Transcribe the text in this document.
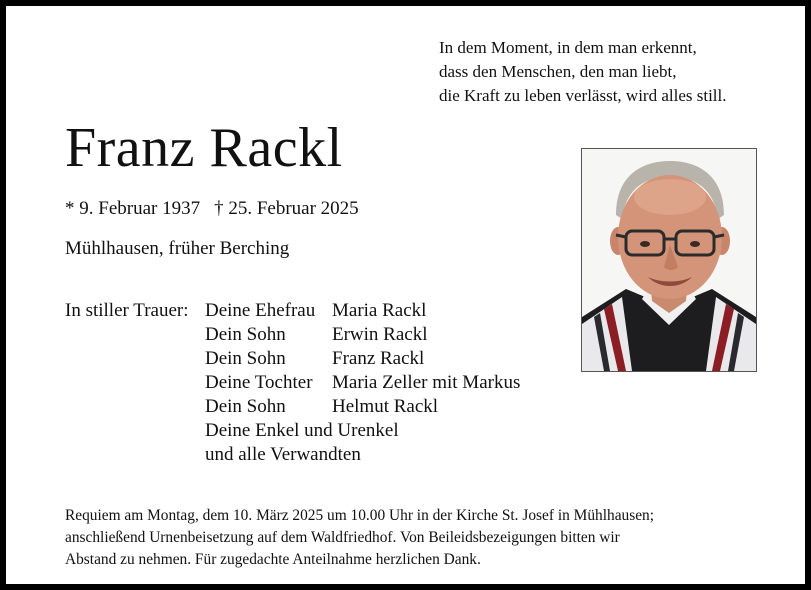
In dem Moment, in dem man erkennt,
dass den Menschen, den man liebt,
die Kraft zu leben verlässt, wird alles still.
Franz Rackl
* 9. Februar 1937 † 25. Februar 2025
Mühlhausen, früher Berching
In stiller Trauer: Deine Ehefrau Maria Rackl
Dein Sohn Erwin Rackl
Dein Sohn Franz Rackl
Deine Tochter Maria Zeller mit Markus
Dein Sohn Helmut Rackl
Deine Enkel und Urenkel
und alle Verwandten
Requiem am Montag, dem 10. März 2025 um 10.00 Uhr in der Kirche St. Josef in Mühlhausen;
anschließend Urnenbeisetzung auf dem Waldfriedhof. Von Beileidsbezeigungen bitten wir
Abstand zu nehmen. Für zugedachte Anteilnahme herzlichen Dank.
